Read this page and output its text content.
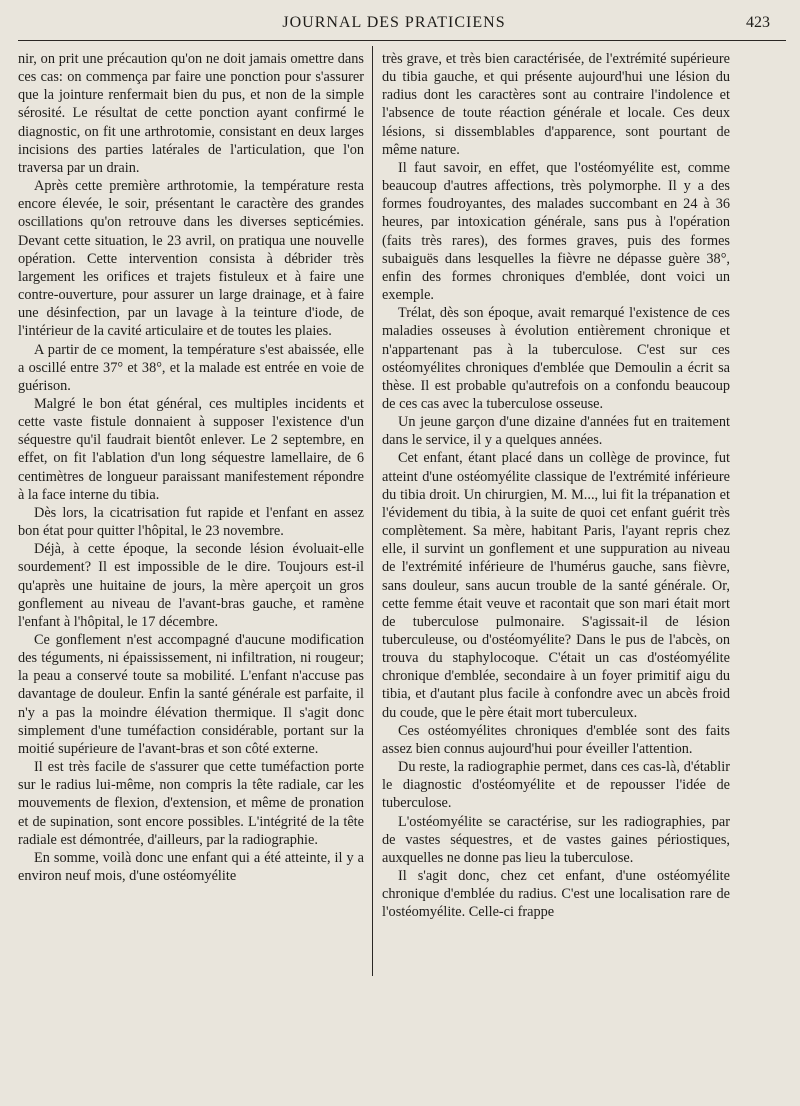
JOURNAL DES PRATICIENS	423

nir, on prit une précaution qu'on ne doit jamais omettre dans ces cas: on commença par faire une ponction pour s'assurer que la jointure renfermait bien du pus, et non de la simple sérosité. Le résultat de cette ponction ayant confirmé le diagnostic, on fit une arthrotomie, consistant en deux larges incisions des parties latérales de l'articulation, que l'on traversa par un drain.

Après cette première arthrotomie, la température resta encore élevée, le soir, présentant le caractère des grandes oscillations qu'on retrouve dans les diverses septicémies. Devant cette situation, le 23 avril, on pratiqua une nouvelle opération. Cette intervention consista à débrider très largement les orifices et trajets fistuleux et à faire une contre-ouverture, pour assurer un large drainage, et à faire une désinfection, par un lavage à la teinture d'iode, de l'intérieur de la cavité articulaire et de toutes les plaies.

A partir de ce moment, la température s'est abaissée, elle a oscillé entre 37° et 38°, et la malade est entrée en voie de guérison.

Malgré le bon état général, ces multiples incidents et cette vaste fistule donnaient à supposer l'existence d'un séquestre qu'il faudrait bientôt enlever. Le 2 septembre, en effet, on fit l'ablation d'un long séquestre lamellaire, de 6 centimètres de longueur paraissant manifestement répondre à la face interne du tibia.

Dès lors, la cicatrisation fut rapide et l'enfant en assez bon état pour quitter l'hôpital, le 23 novembre.

Déjà, à cette époque, la seconde lésion évoluait-elle sourdement? Il est impossible de le dire. Toujours est-il qu'après une huitaine de jours, la mère aperçoit un gros gonflement au niveau de l'avant-bras gauche, et ramène l'enfant à l'hôpital, le 17 décembre.

Ce gonflement n'est accompagné d'aucune modification des téguments, ni épaississement, ni infiltration, ni rougeur; la peau a conservé toute sa mobilité. L'enfant n'accuse pas davantage de douleur. Enfin la santé générale est parfaite, il n'y a pas la moindre élévation thermique. Il s'agit donc simplement d'une tuméfaction considérable, portant sur la moitié supérieure de l'avant-bras et son côté externe.

Il est très facile de s'assurer que cette tuméfaction porte sur le radius lui-même, non compris la tête radiale, car les mouvements de flexion, d'extension, et même de pronation et de supination, sont encore possibles. L'intégrité de la tête radiale est démontrée, d'ailleurs, par la radiographie.

En somme, voilà donc une enfant qui a été atteinte, il y a environ neuf mois, d'une ostéomyélite

très grave, et très bien caractérisée, de l'extrémité supérieure du tibia gauche, et qui présente aujourd'hui une lésion du radius dont les caractères sont au contraire l'indolence et l'absence de toute réaction générale et locale. Ces deux lésions, si dissemblables d'apparence, sont pourtant de même nature.

Il faut savoir, en effet, que l'ostéomyélite est, comme beaucoup d'autres affections, très polymorphe. Il y a des formes foudroyantes, des malades succombant en 24 à 36 heures, par intoxication générale, sans pus à l'opération (faits très rares), des formes graves, puis des formes subaiguës dans lesquelles la fièvre ne dépasse guère 38°, enfin des formes chroniques d'emblée, dont voici un exemple.

Trélat, dès son époque, avait remarqué l'existence de ces maladies osseuses à évolution entièrement chronique et n'appartenant pas à la tuberculose. C'est sur ces ostéomyélites chroniques d'emblée que Demoulin a écrit sa thèse. Il est probable qu'autrefois on a confondu beaucoup de ces cas avec la tuberculose osseuse.

Un jeune garçon d'une dizaine d'années fut en traitement dans le service, il y a quelques années.

Cet enfant, étant placé dans un collège de province, fut atteint d'une ostéomyélite classique de l'extrémité inférieure du tibia droit. Un chirurgien, M. M..., lui fit la trépanation et l'évidement du tibia, à la suite de quoi cet enfant guérit très complètement. Sa mère, habitant Paris, l'ayant repris chez elle, il survint un gonflement et une suppuration au niveau de l'extrémité inférieure de l'humérus gauche, sans fièvre, sans douleur, sans aucun trouble de la santé générale. Or, cette femme était veuve et racontait que son mari était mort de tuberculose pulmonaire. S'agissait-il de lésion tuberculeuse, ou d'ostéomyélite? Dans le pus de l'abcès, on trouva du staphylocoque. C'était un cas d'ostéomyélite chronique d'emblée, secondaire à un foyer primitif aigu du tibia, et d'autant plus facile à confondre avec un abcès froid du coude, que le père était mort tuberculeux.

Ces ostéomyélites chroniques d'emblée sont des faits assez bien connus aujourd'hui pour éveiller l'attention.

Du reste, la radiographie permet, dans ces cas-là, d'établir le diagnostic d'ostéomyélite et de repousser l'idée de tuberculose.

L'ostéomyélite se caractérise, sur les radiographies, par de vastes séquestres, et de vastes gaines périostiques, auxquelles ne donne pas lieu la tuberculose.

Il s'agit donc, chez cet enfant, d'une ostéomyélite chronique d'emblée du radius. C'est une localisation rare de l'ostéomyélite. Celle-ci frappe
